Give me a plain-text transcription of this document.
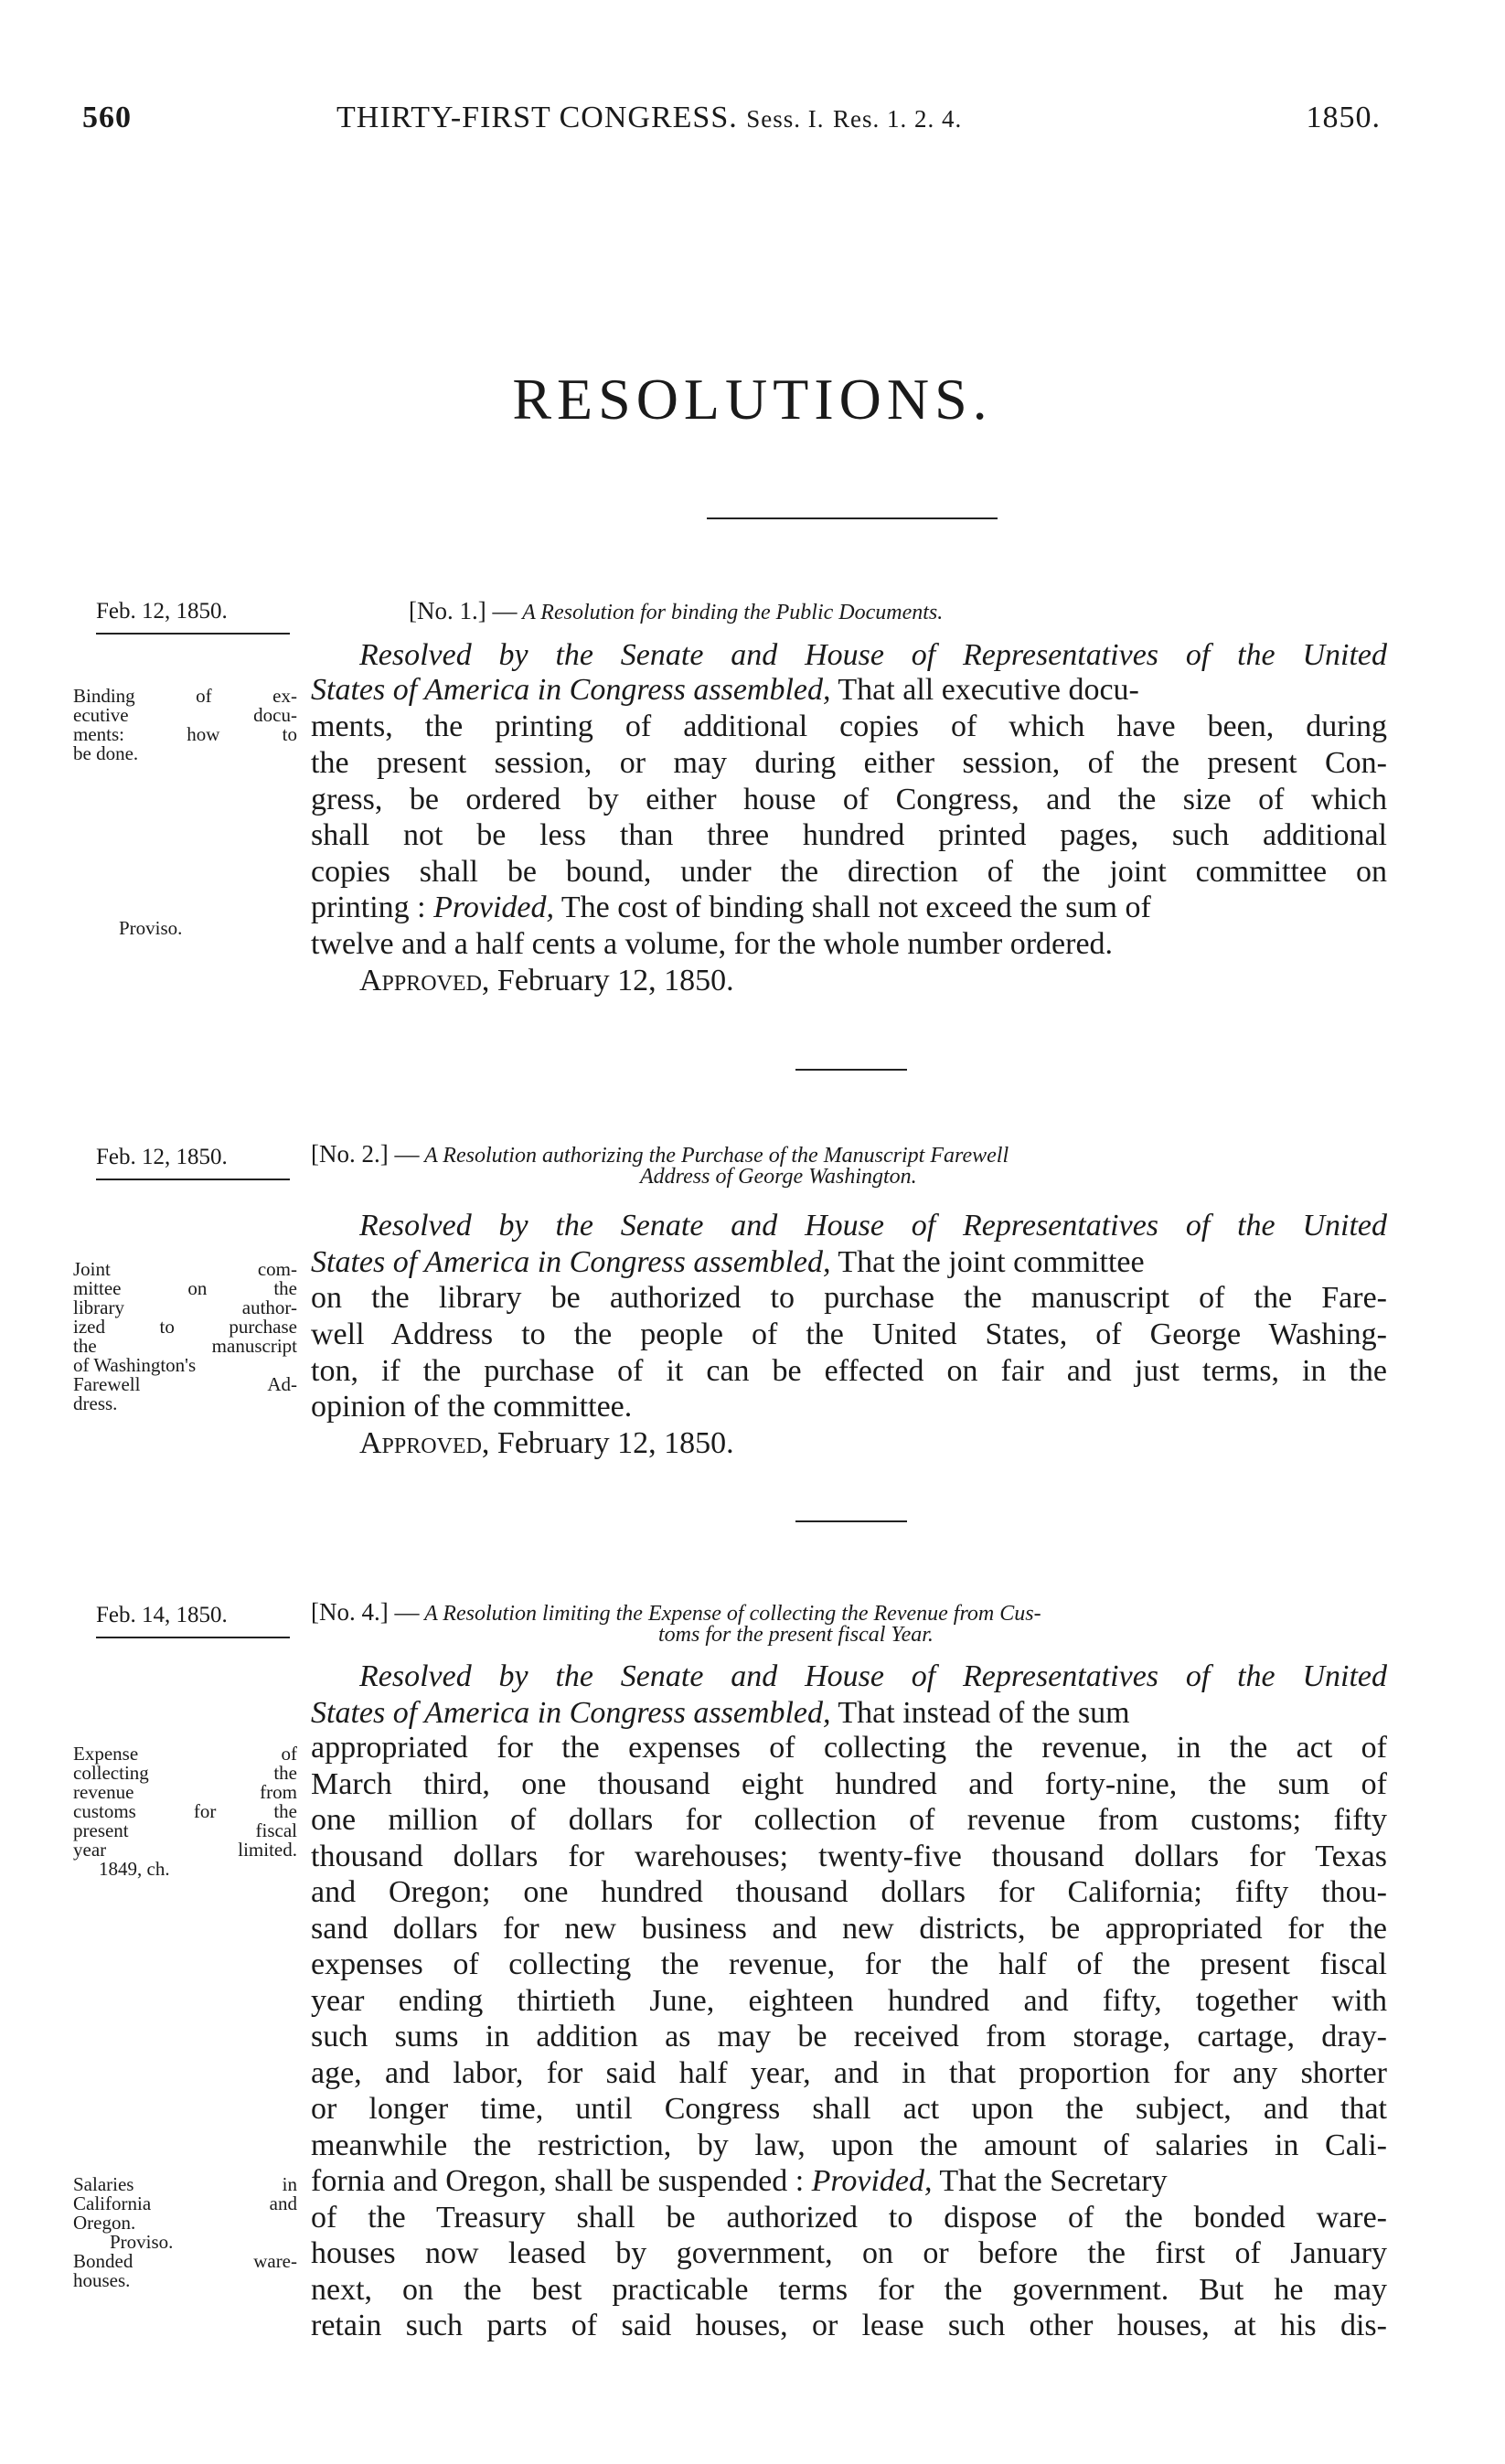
560	THIRTY-FIRST CONGRESS. Sess. I. Res. 1. 2. 4.	1850.
RESOLUTIONS.
Feb. 12, 1850.	[No. 1.] — A Resolution for binding the Public Documents.
Binding of ex-
ecutive docu-
ments: how to
be done.
Proviso.
Resolved by the Senate and House of Representatives of the United
States of America in Congress assembled, That all executive docu-
ments, the printing of additional copies of which have been, during
the present session, or may during either session, of the present Con-
gress, be ordered by either house of Congress, and the size of which
shall not be less than three hundred printed pages, such additional
copies shall be bound, under the direction of the joint committee on
printing : Provided, The cost of binding shall not exceed the sum of
twelve and a half cents a volume, for the whole number ordered.
Approved, February 12, 1850.
Feb. 12, 1850.	[No. 2.] — A Resolution authorizing the Purchase of the Manuscript Farewell
Address of George Washington.
Joint com-
mittee on the
library author-
ized to purchase
the manuscript
of Washington's
Farewell Ad-
dress.
Resolved by the Senate and House of Representatives of the United
States of America in Congress assembled, That the joint committee
on the library be authorized to purchase the manuscript of the Fare-
well Address to the people of the United States, of George Washing-
ton, if the purchase of it can be effected on fair and just terms, in the
opinion of the committee.
Approved, February 12, 1850.
Feb. 14, 1850.	[No. 4.] — A Resolution limiting the Expense of collecting the Revenue from Cus-
toms for the present fiscal Year.
Expense of
collecting the
revenue from
customs for the
present fiscal
year limited.
1849, ch.
Salaries in
California and
Oregon.
Proviso.
Bonded ware-
houses.
Resolved by the Senate and House of Representatives of the United
States of America in Congress assembled, That instead of the sum
appropriated for the expenses of collecting the revenue, in the act of
March third, one thousand eight hundred and forty-nine, the sum of
one million of dollars for collection of revenue from customs; fifty
thousand dollars for warehouses; twenty-five thousand dollars for Texas
and Oregon; one hundred thousand dollars for California; fifty thou-
sand dollars for new business and new districts, be appropriated for the
expenses of collecting the revenue, for the half of the present fiscal
year ending thirtieth June, eighteen hundred and fifty, together with
such sums in addition as may be received from storage, cartage, dray-
age, and labor, for said half year, and in that proportion for any shorter
or longer time, until Congress shall act upon the subject, and that
meanwhile the restriction, by law, upon the amount of salaries in Cali-
fornia and Oregon, shall be suspended : Provided, That the Secretary
of the Treasury shall be authorized to dispose of the bonded ware-
houses now leased by government, on or before the first of January
next, on the best practicable terms for the government. But he may
retain such parts of said houses, or lease such other houses, at his dis-
